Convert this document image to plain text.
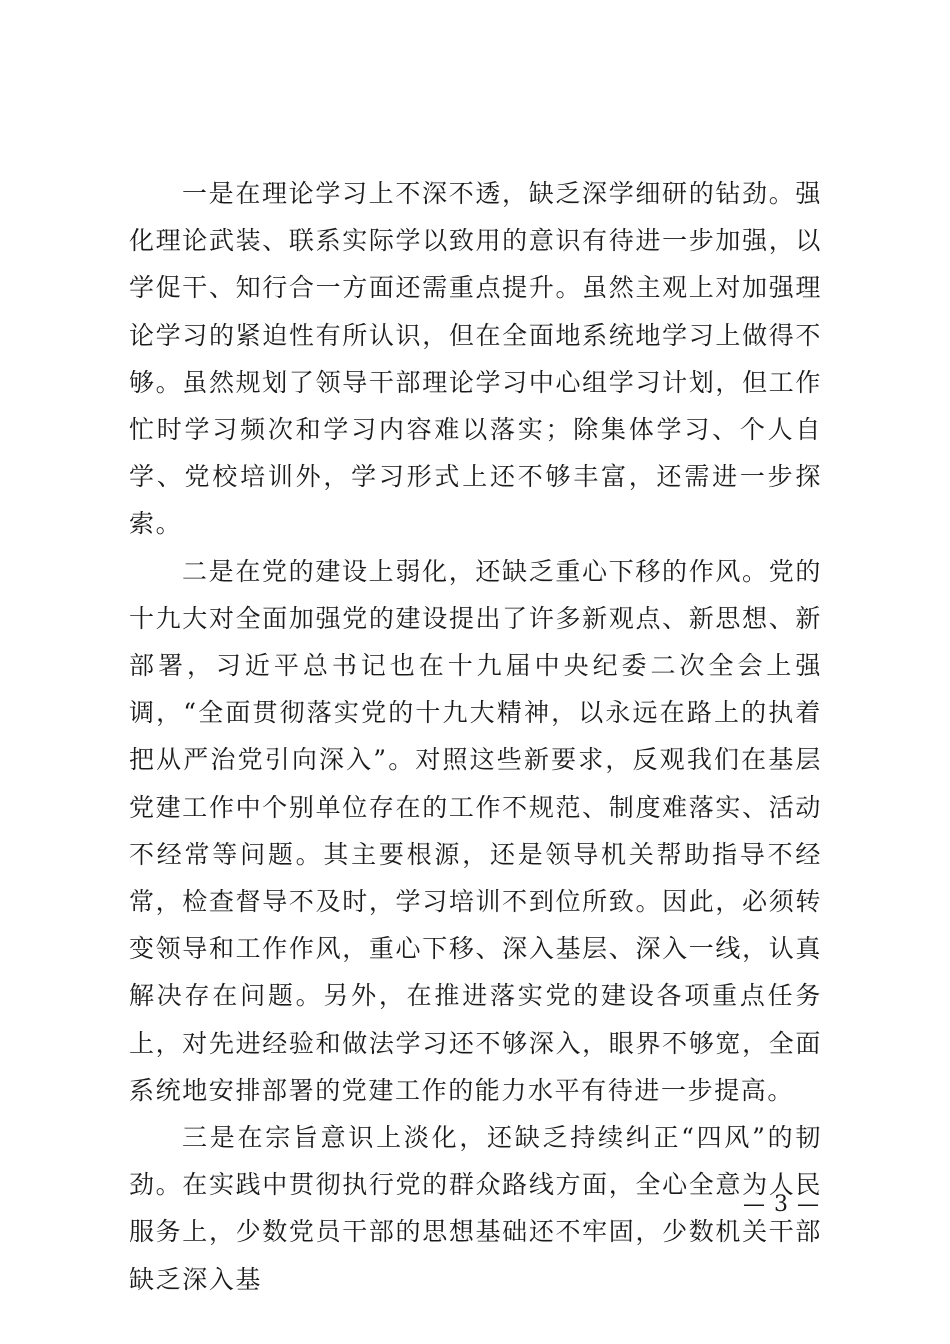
一是在理论学习上不深不透，缺乏深学细研的钻劲。强化理论武装、联系实际学以致用的意识有待进一步加强，以学促干、知行合一方面还需重点提升。虽然主观上对加强理论学习的紧迫性有所认识，但在全面地系统地学习上做得不够。虽然规划了领导干部理论学习中心组学习计划，但工作忙时学习频次和学习内容难以落实；除集体学习、个人自学、党校培训外，学习形式上还不够丰富，还需进一步探索。

二是在党的建设上弱化，还缺乏重心下移的作风。党的十九大对全面加强党的建设提出了许多新观点、新思想、新部署，习近平总书记也在十九届中央纪委二次全会上强调，“全面贯彻落实党的十九大精神，以永远在路上的执着把从严治党引向深入”。对照这些新要求，反观我们在基层党建工作中个别单位存在的工作不规范、制度难落实、活动不经常等问题。其主要根源，还是领导机关帮助指导不经常，检查督导不及时，学习培训不到位所致。因此，必须转变领导和工作作风，重心下移、深入基层、深入一线，认真解决存在问题。另外，在推进落实党的建设各项重点任务上，对先进经验和做法学习还不够深入，眼界不够宽，全面系统地安排部署的党建工作的能力水平有待进一步提高。

三是在宗旨意识上淡化，还缺乏持续纠正“四风”的韧劲。在实践中贯彻执行党的群众路线方面，全心全意为人民服务上，少数党员干部的思想基础还不牢固，少数机关干部缺乏深入基

— 3 —
